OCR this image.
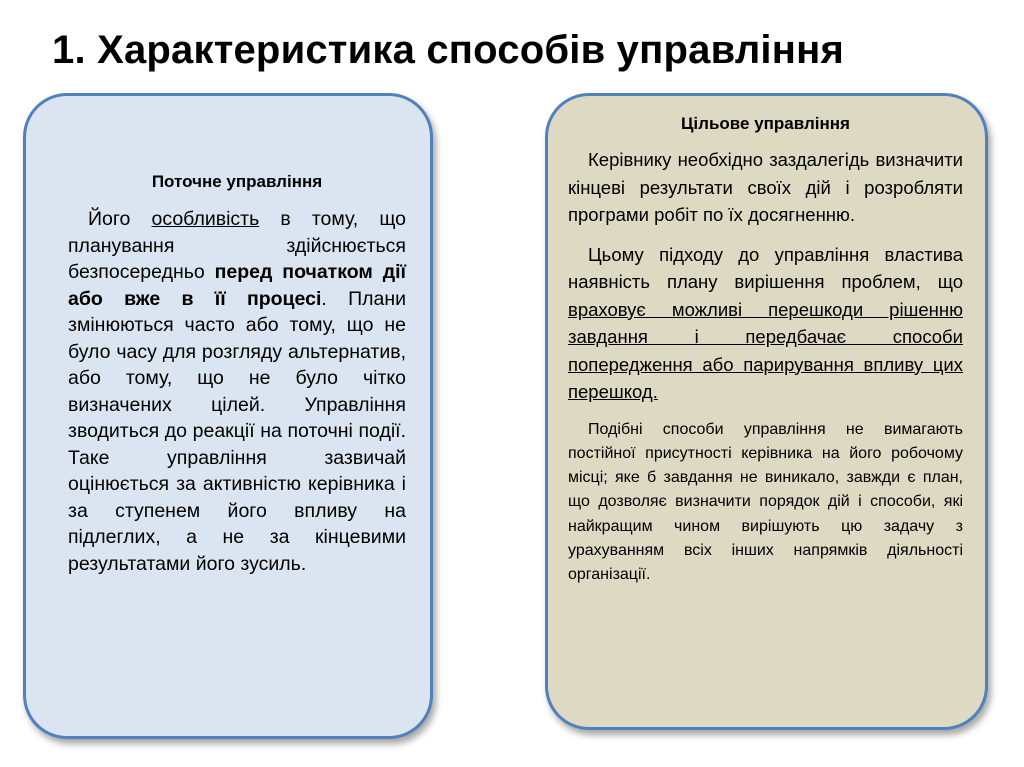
1. Характеристика способів управління
Поточне управління

Його особливість в тому, що планування здійснюється безпосередньо перед початком дії або вже в її процесі. Плани змінюються часто або тому, що не було часу для розгляду альтернатив, або тому, що не було чітко визначених цілей. Управління зводиться до реакції на поточні події. Таке управління зазвичай оцінюється за активністю керівника і за ступенем його впливу на підлеглих, а не за кінцевими результатами його зусиль.

Цільове управління

Керівнику необхідно заздалегідь визначити кінцеві результати своїх дій і розробляти програми робіт по їх досягненню.

Цьому підходу до управління властива наявність плану вирішення проблем, що враховує можливі перешкоди рішенню завдання і передбачає способи попередження або парирування впливу цих перешкод.

Подібні способи управління не вимагають постійної присутності керівника на його робочому місці; яке б завдання не виникало, завжди є план, що дозволяє визначити порядок дій і способи, які найкращим чином вирішують цю задачу з урахуванням всіх інших напрямків діяльності організації.
